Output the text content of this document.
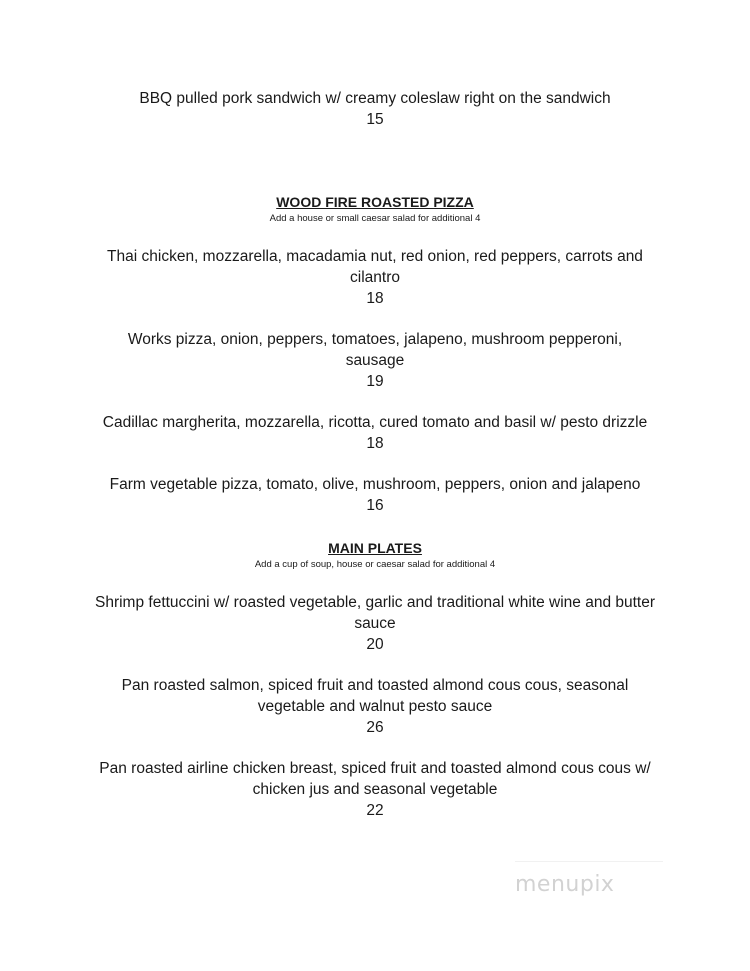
BBQ pulled pork sandwich w/ creamy coleslaw right on the sandwich
15
WOOD FIRE ROASTED PIZZA
Add a house or small caesar salad for additional 4
Thai chicken, mozzarella, macadamia nut, red onion, red peppers, carrots and cilantro
18
Works pizza, onion, peppers, tomatoes, jalapeno, mushroom pepperoni, sausage
19
Cadillac margherita, mozzarella, ricotta, cured tomato and basil w/ pesto drizzle
18
Farm vegetable pizza, tomato, olive, mushroom, peppers, onion and jalapeno
16
MAIN PLATES
Add a cup of soup, house or caesar salad for additional 4
Shrimp fettuccini w/ roasted vegetable, garlic and traditional white wine and butter sauce
20
Pan roasted salmon, spiced fruit and toasted almond cous cous, seasonal vegetable and walnut pesto sauce
26
Pan roasted airline chicken breast, spiced fruit and toasted almond cous cous w/ chicken jus and seasonal vegetable
22
menupix
